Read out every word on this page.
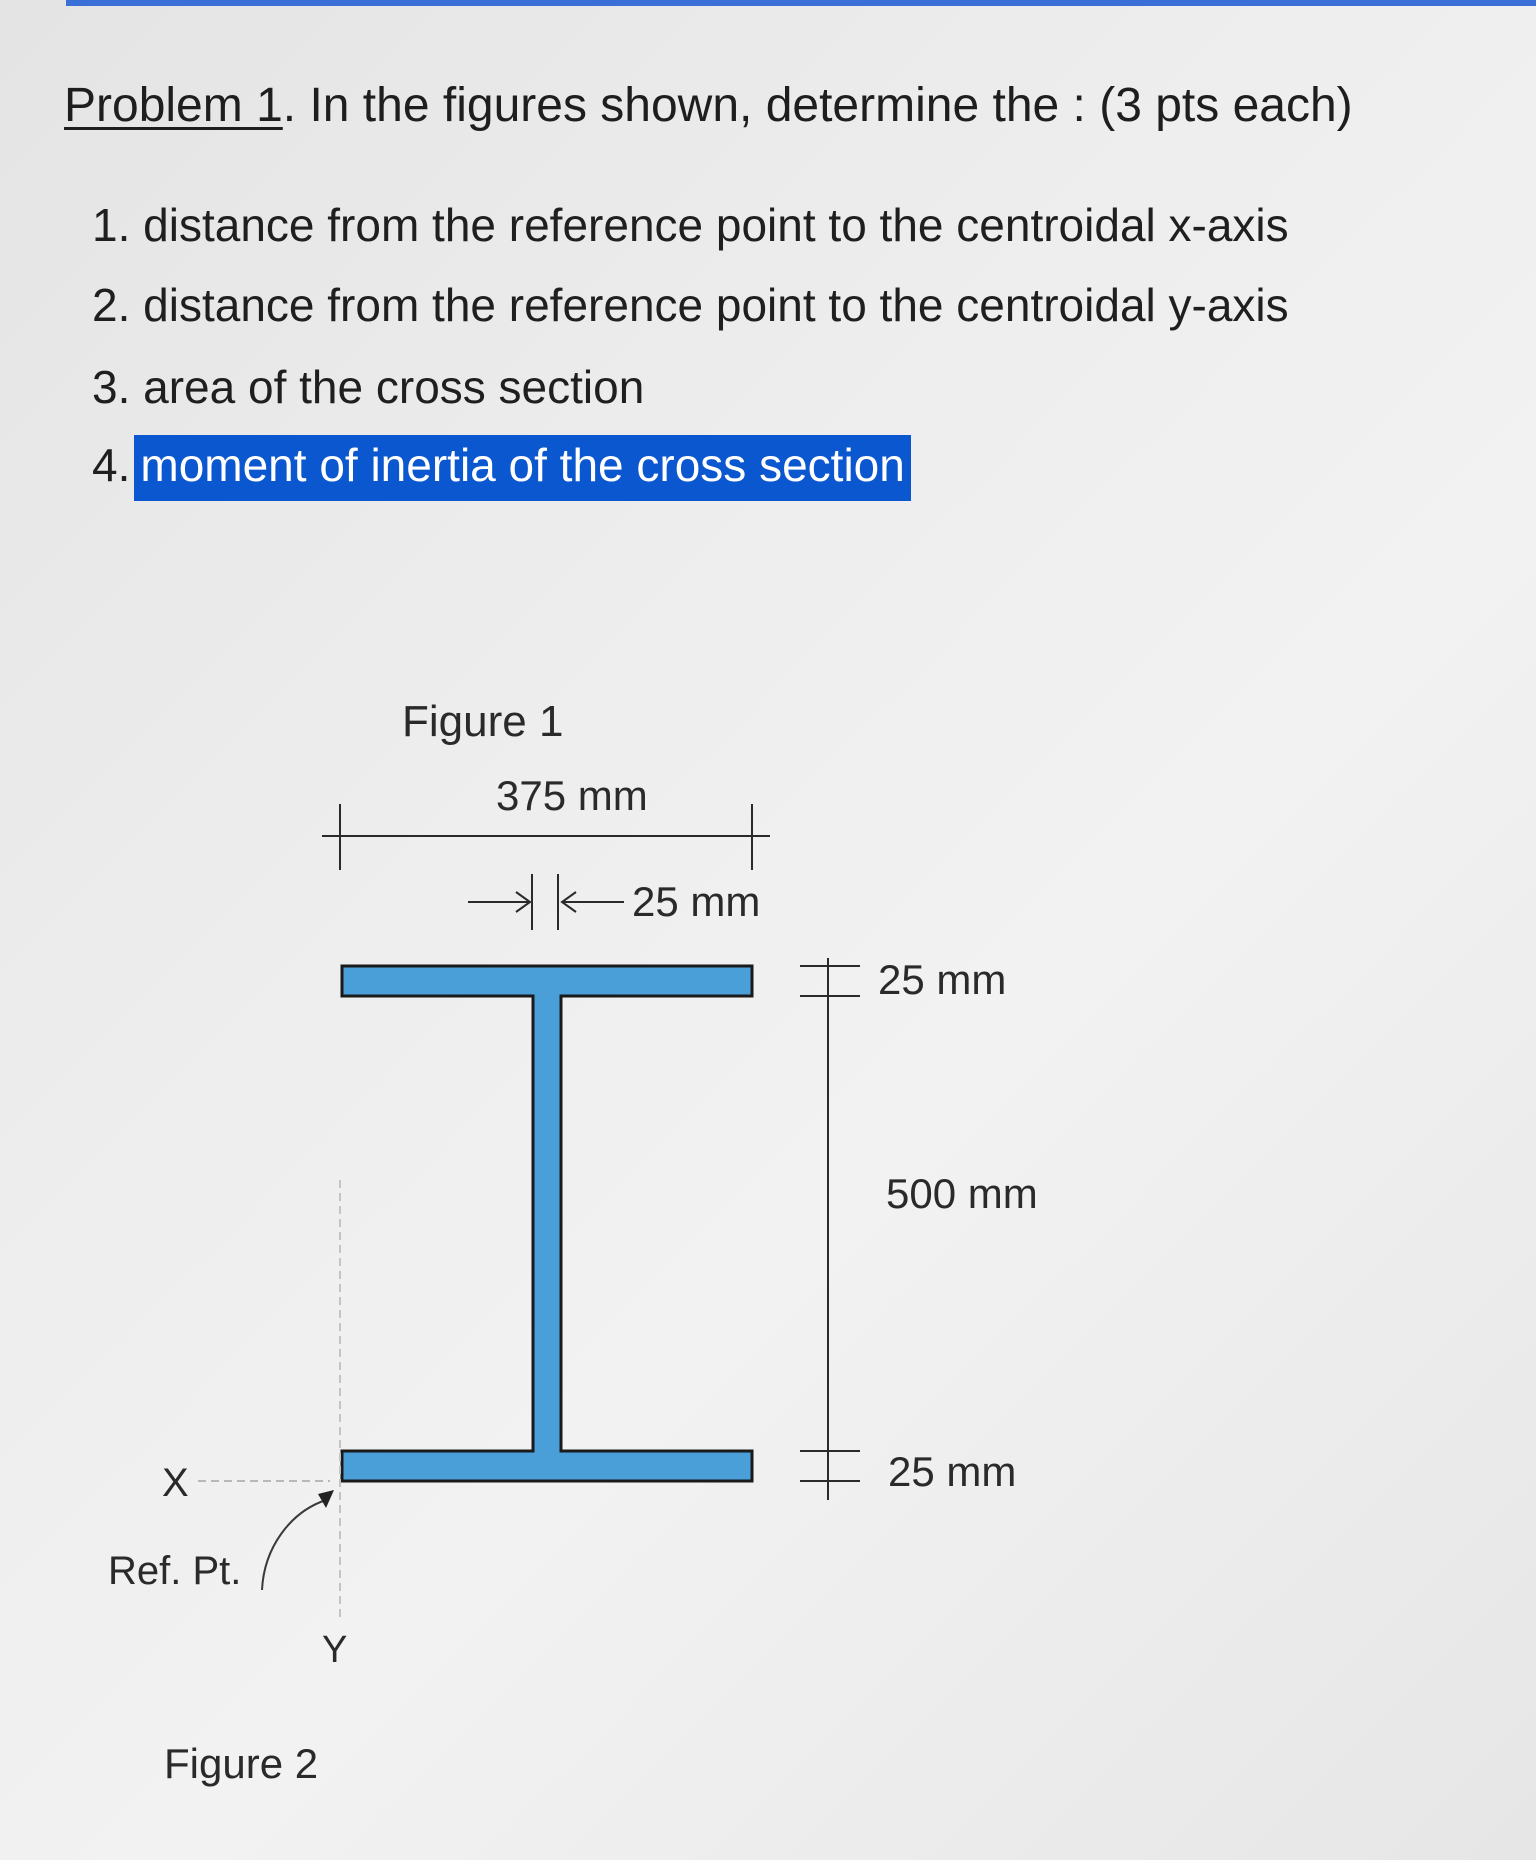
Problem 1. In the figures shown, determine the : (3 pts each)
1. distance from the reference point to the centroidal x-axis
2. distance from the reference point to the centroidal y-axis
3. area of the cross section
4. moment of inertia of the cross section
Figure 1
375 mm
25 mm
25 mm
500 mm
25 mm
X
Y
Ref. Pt.
Figure 2
